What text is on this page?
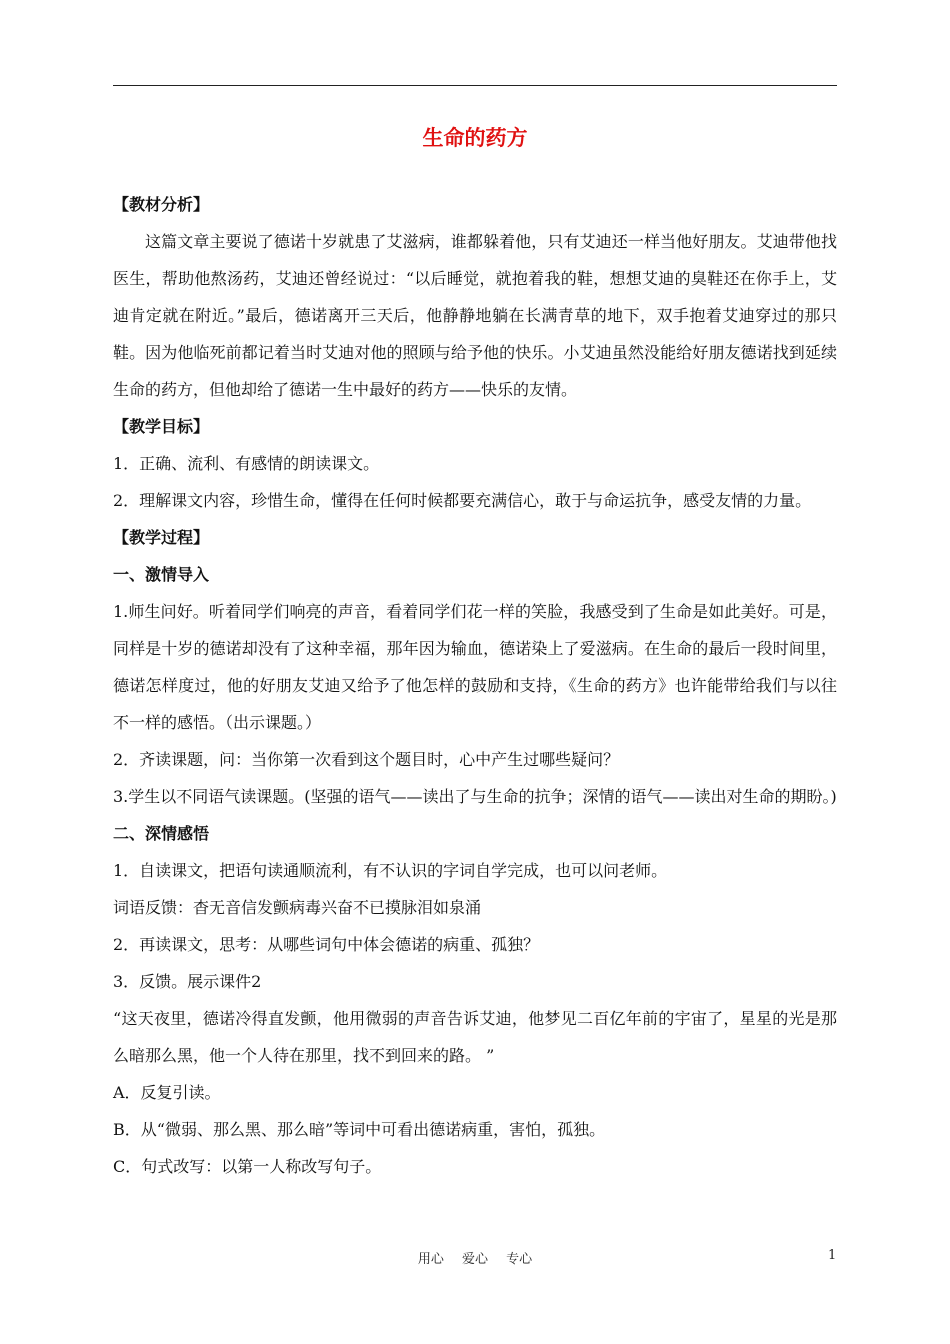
生命的药方

【教材分析】

这篇文章主要说了德诺十岁就患了艾滋病，谁都躲着他，只有艾迪还一样当他好朋友。艾迪带他找医生，帮助他熬汤药，艾迪还曾经说过：“以后睡觉，就抱着我的鞋，想想艾迪的臭鞋还在你手上，艾迪肯定就在附近。”最后，德诺离开三天后，他静静地躺在长满青草的地下，双手抱着艾迪穿过的那只鞋。因为他临死前都记着当时艾迪对他的照顾与给予他的快乐。小艾迪虽然没能给好朋友德诺找到延续生命的药方，但他却给了德诺一生中最好的药方——快乐的友情。

【教学目标】

1．正确、流利、有感情的朗读课文。

2．理解课文内容，珍惜生命，懂得在任何时候都要充满信心，敢于与命运抗争，感受友情的力量。

【教学过程】

一、激情导入

1.师生问好。听着同学们响亮的声音，看着同学们花一样的笑脸，我感受到了生命是如此美好。可是，同样是十岁的德诺却没有了这种幸福，那年因为输血，德诺染上了爱滋病。在生命的最后一段时间里，德诺怎样度过，他的好朋友艾迪又给予了他怎样的鼓励和支持，《生命的药方》也许能带给我们与以往不一样的感悟。（出示课题。）

2．齐读课题，问：当你第一次看到这个题目时，心中产生过哪些疑问？

3.学生以不同语气读课题。(坚强的语气——读出了与生命的抗争；深情的语气——读出对生命的期盼。)

二、深情感悟

1．自读课文，把语句读通顺流利，有不认识的字词自学完成，也可以问老师。

词语反馈：杳无音信发颤病毒兴奋不已摸脉泪如泉涌

2．再读课文，思考：从哪些词句中体会德诺的病重、孤独？

3．反馈。展示课件2

“这天夜里，德诺冷得直发颤，他用微弱的声音告诉艾迪，他梦见二百亿年前的宇宙了，星星的光是那么暗那么黑，他一个人待在那里，找不到回来的路。 ”

A．反复引读。

B．从“微弱、那么黑、那么暗”等词中可看出德诺病重，害怕，孤独。

C．句式改写：以第一人称改写句子。

用心 爱心 专心	1
